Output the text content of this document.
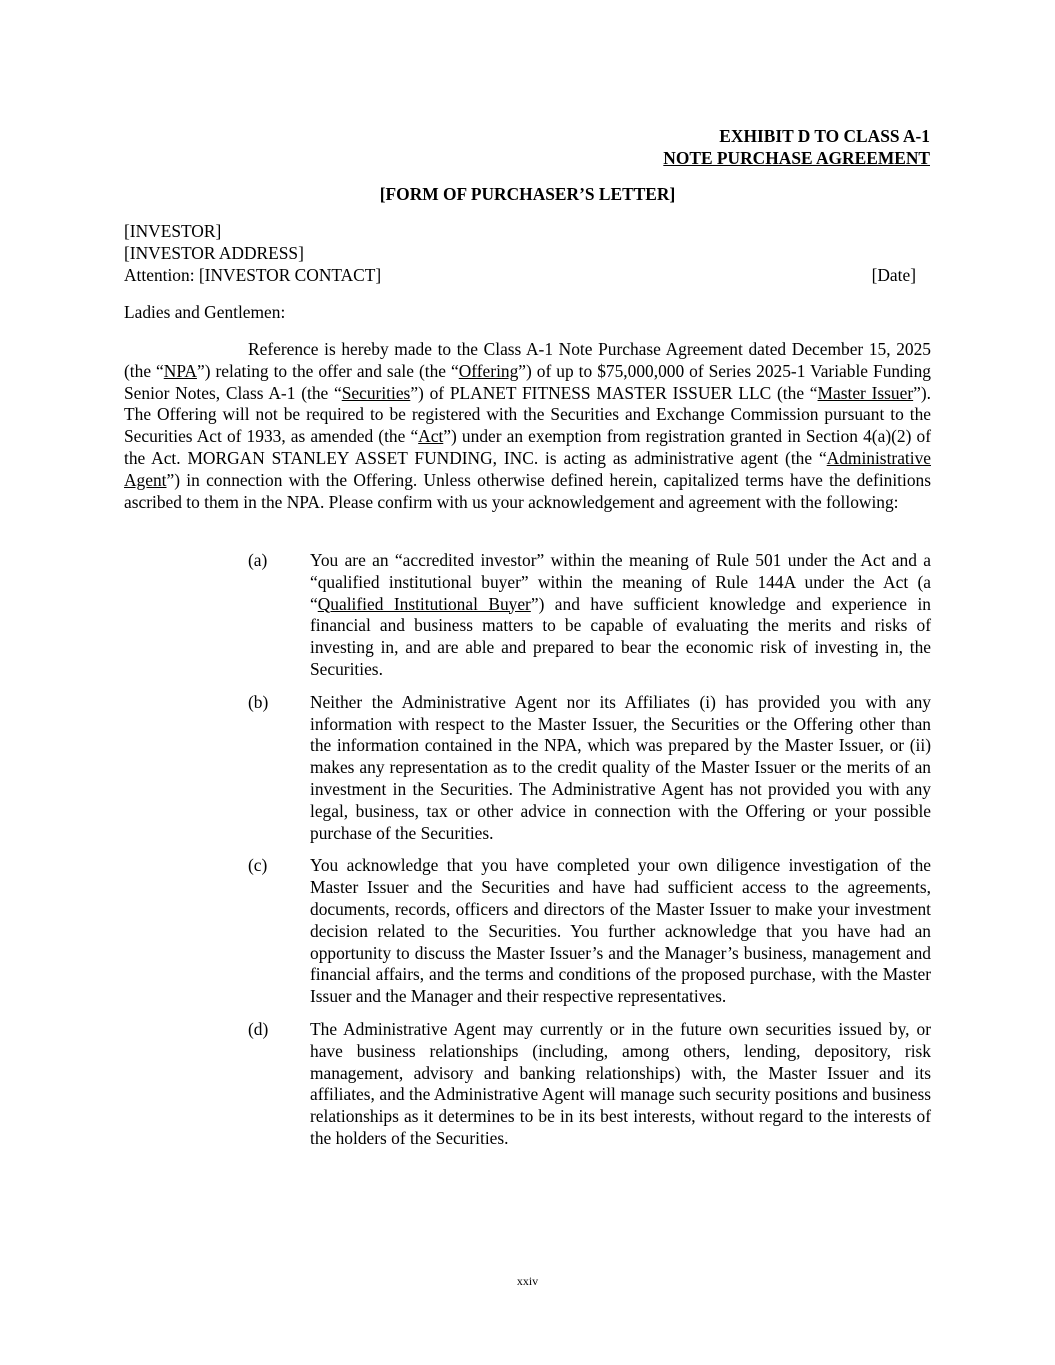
EXHIBIT D TO CLASS A-1
NOTE PURCHASE AGREEMENT
[FORM OF PURCHASER’S LETTER]
[INVESTOR]
[INVESTOR ADDRESS]
Attention: [INVESTOR CONTACT]	[Date]
Ladies and Gentlemen:
Reference is hereby made to the Class A-1 Note Purchase Agreement dated December 15, 2025 (the “NPA”) relating to the offer and sale (the “Offering”) of up to $75,000,000 of Series 2025-1 Variable Funding Senior Notes, Class A-1 (the “Securities”) of PLANET FITNESS MASTER ISSUER LLC (the “Master Issuer”). The Offering will not be required to be registered with the Securities and Exchange Commission pursuant to the Securities Act of 1933, as amended (the “Act”) under an exemption from registration granted in Section 4(a)(2) of the Act. MORGAN STANLEY ASSET FUNDING, INC. is acting as administrative agent (the “Administrative Agent”) in connection with the Offering. Unless otherwise defined herein, capitalized terms have the definitions ascribed to them in the NPA. Please confirm with us your acknowledgement and agreement with the following:
(a)	You are an “accredited investor” within the meaning of Rule 501 under the Act and a “qualified institutional buyer” within the meaning of Rule 144A under the Act (a “Qualified Institutional Buyer”) and have sufficient knowledge and experience in financial and business matters to be capable of evaluating the merits and risks of investing in, and are able and prepared to bear the economic risk of investing in, the Securities.
(b)	Neither the Administrative Agent nor its Affiliates (i) has provided you with any information with respect to the Master Issuer, the Securities or the Offering other than the information contained in the NPA, which was prepared by the Master Issuer, or (ii) makes any representation as to the credit quality of the Master Issuer or the merits of an investment in the Securities. The Administrative Agent has not provided you with any legal, business, tax or other advice in connection with the Offering or your possible purchase of the Securities.
(c)	You acknowledge that you have completed your own diligence investigation of the Master Issuer and the Securities and have had sufficient access to the agreements, documents, records, officers and directors of the Master Issuer to make your investment decision related to the Securities. You further acknowledge that you have had an opportunity to discuss the Master Issuer’s and the Manager’s business, management and financial affairs, and the terms and conditions of the proposed purchase, with the Master Issuer and the Manager and their respective representatives.
(d)	The Administrative Agent may currently or in the future own securities issued by, or have business relationships (including, among others, lending, depository, risk management, advisory and banking relationships) with, the Master Issuer and its affiliates, and the Administrative Agent will manage such security positions and business relationships as it determines to be in its best interests, without regard to the interests of the holders of the Securities.
xxiv
